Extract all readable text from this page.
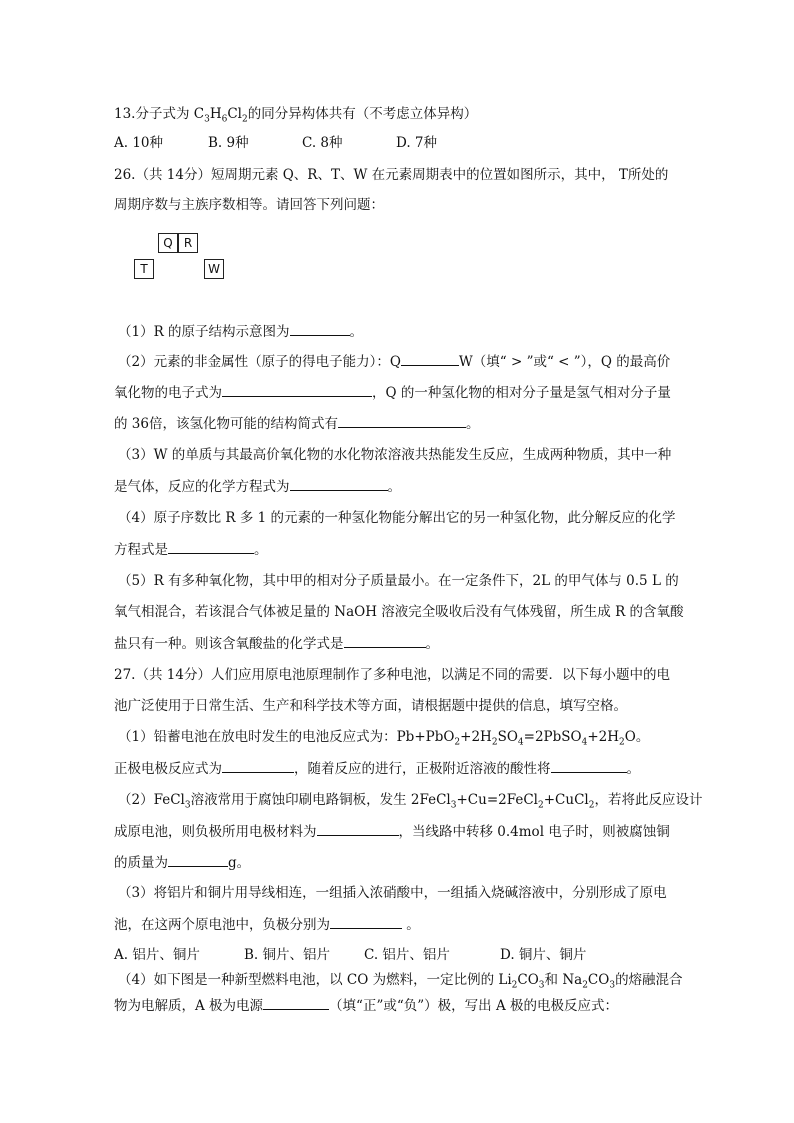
13.分子式为 $C_3H_6Cl_2$的同分异构体共有（不考虑立体异构）
A. 10种	B. 9种	C. 8种	D. 7种
26.（共 14分）短周期元素 Q、R、T、W 在元素周期表中的位置如图所示，其中， T所处的
周期序数与主族序数相等。请回答下列问题：
Q R
T	W
（1）R 的原子结构示意图为	。
（2）元素的非金属性（原子的得电子能力）：Q	W（填“ > ”或“ < ”），Q 的最高价
氧化物的电子式为	，Q 的一种氢化物的相对分子量是氢气相对分子量
的 36倍，该氢化物可能的结构简式有	。
（3）W 的单质与其最高价氧化物的水化物浓溶液共热能发生反应，生成两种物质，其中一种
是气体，反应的化学方程式为	。
（4）原子序数比 R 多 1 的元素的一种氢化物能分解出它的另一种氢化物，此分解反应的化学
方程式是	。
（5）R 有多种氧化物，其中甲的相对分子质量最小。在一定条件下，2L 的甲气体与 0.5 L 的
氧气相混合，若该混合气体被足量的 NaOH 溶液完全吸收后没有气体残留，所生成 R 的含氧酸
盐只有一种。则该含氧酸盐的化学式是	。
27.（共 14分）人们应用原电池原理制作了多种电池，以满足不同的需要．以下每小题中的电
池广泛使用于日常生活、生产和科学技术等方面，请根据题中提供的信息，填写空格。
（1）铅蓄电池在放电时发生的电池反应式为：$Pb+PbO_2+2H_2SO_4=2PbSO_4+2H_2O$。
正极电极反应式为	，随着反应的进行，正极附近溶液的酸性将	。
（2）FeCl$_3$溶液常用于腐蚀印刷电路铜板，发生 2FeCl$_3$+Cu=2FeCl$_2$+CuCl$_2$，若将此反应设计
成原电池，则负极所用电极材料为	，当线路中转移 0.4mol 电子时，则被腐蚀铜
的质量为	g。
（3）将铝片和铜片用导线相连，一组插入浓硝酸中，一组插入烧碱溶液中，分别形成了原电
池，在这两个原电池中，负极分别为	。
A. 铝片、铜片	B. 铜片、铝片	C. 铝片、铝片	D. 铜片、铜片
（4）如下图是一种新型燃料电池，以 CO 为燃料，一定比例的 $Li_2CO_3$和 $Na_2CO_3$的熔融混合
物为电解质，A 极为电源	（填“正”或“负”）极，写出 A 极的电极反应式：
